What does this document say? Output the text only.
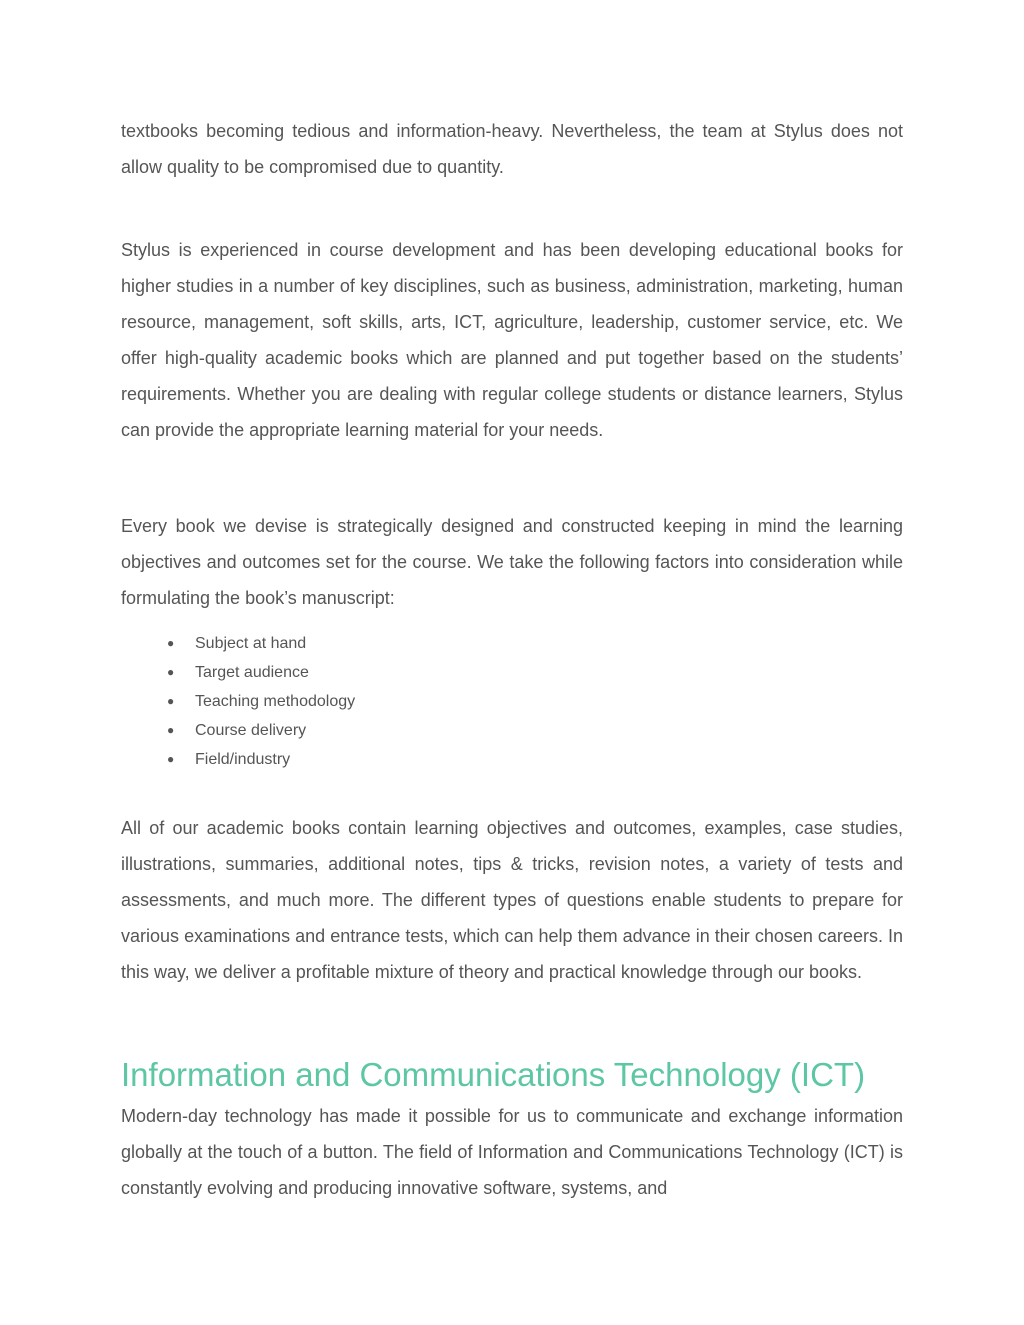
textbooks becoming tedious and information-heavy. Nevertheless, the team at Stylus does not allow quality to be compromised due to quantity.

Stylus is experienced in course development and has been developing educational books for higher studies in a number of key disciplines, such as business, administration, marketing, human resource, management, soft skills, arts, ICT, agriculture, leadership, customer service, etc. We offer high-quality academic books which are planned and put together based on the students’ requirements. Whether you are dealing with regular college students or distance learners, Stylus can provide the appropriate learning material for your needs.

Every book we devise is strategically designed and constructed keeping in mind the learning objectives and outcomes set for the course. We take the following factors into consideration while formulating the book’s manuscript:

●	Subject at hand
●	Target audience
●	Teaching methodology
●	Course delivery
●	Field/industry

All of our academic books contain learning objectives and outcomes, examples, case studies, illustrations, summaries, additional notes, tips & tricks, revision notes, a variety of tests and assessments, and much more. The different types of questions enable students to prepare for various examinations and entrance tests, which can help them advance in their chosen careers. In this way, we deliver a profitable mixture of theory and practical knowledge through our books.

Information and Communications Technology (ICT)

Modern-day technology has made it possible for us to communicate and exchange information globally at the touch of a button. The field of Information and Communications Technology (ICT) is constantly evolving and producing innovative software, systems, and
